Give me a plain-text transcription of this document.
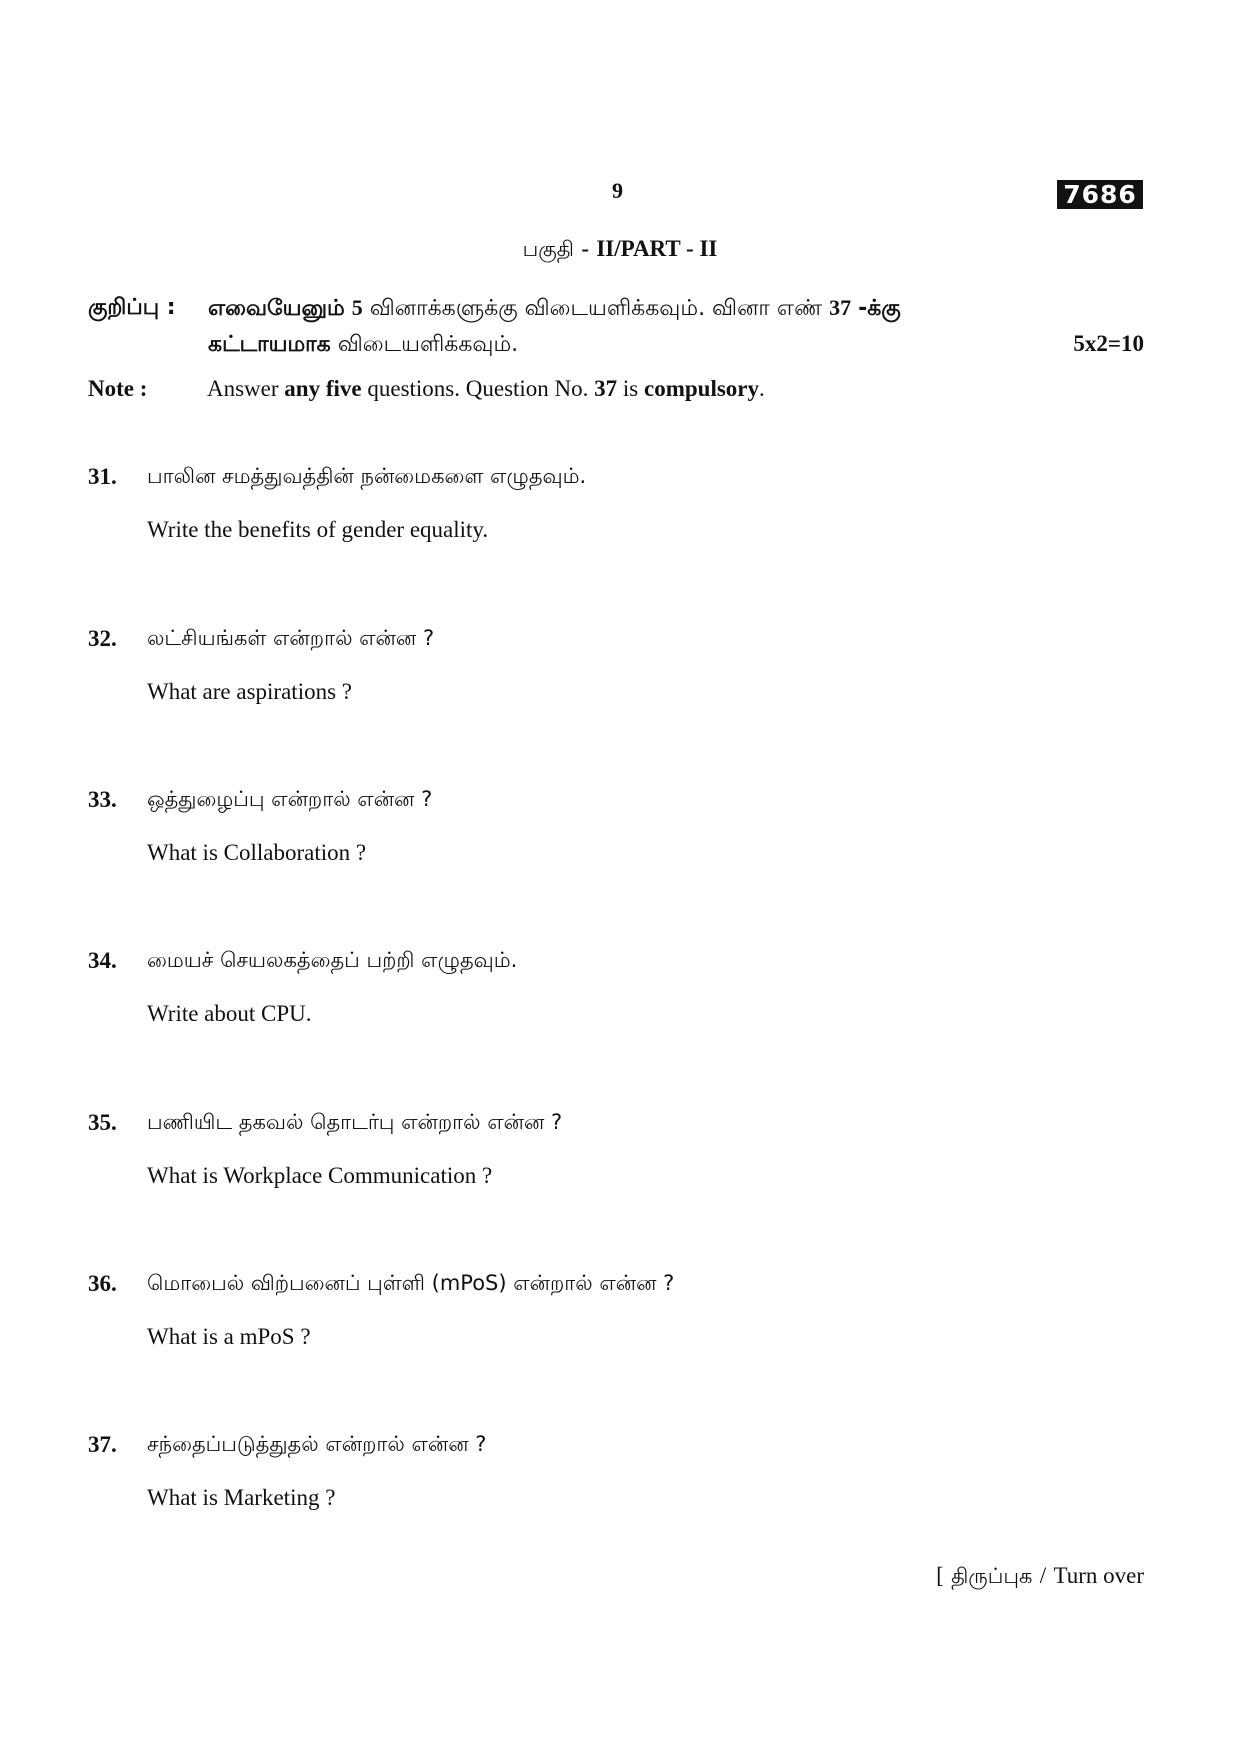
9	7686
பகுதி - II/PART - II
குறிப்பு : எவையேனும் 5 வினாக்களுக்கு விடையளிக்கவும். வினா எண் 37 -க்கு
கட்டாயமாக விடையளிக்கவும்.	5x2=10
Note :	Answer any five questions. Question No. 37 is compulsory.
31. பாலின சமத்துவத்தின் நன்மைகளை எழுதவும்.
Write the benefits of gender equality.
32. லட்சியங்கள் என்றால் என்ன ?
What are aspirations ?
33. ஒத்துழைப்பு என்றால் என்ன ?
What is Collaboration ?
34. மையச் செயலகத்தைப் பற்றி எழுதவும்.
Write about CPU.
35. பணியிட தகவல் தொடர்பு என்றால் என்ன ?
What is Workplace Communication ?
36. மொபைல் விற்பனைப் புள்ளி (mPoS) என்றால் என்ன ?
What is a mPoS ?
37. சந்தைப்படுத்துதல் என்றால் என்ன ?
What is Marketing ?
[ திருப்புக / Turn over
